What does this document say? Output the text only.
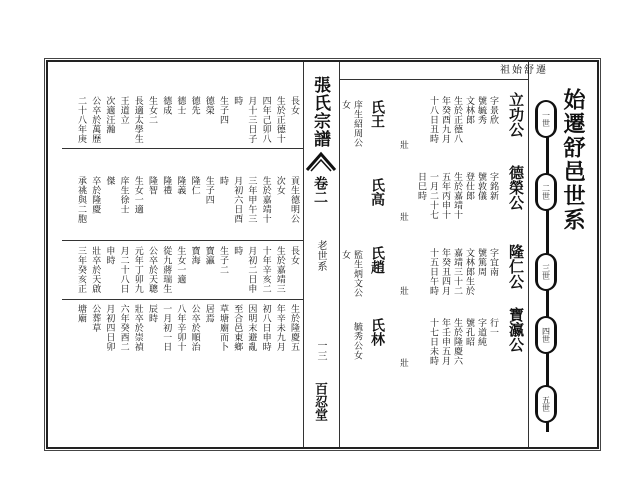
始遷舒邑世系
一世
二世
三世
四世
五世
祖始舒遷
立功公
德榮公
隆仁公
寶瀛公
字景欣
號毓秀
文林郎
生於正德八
年癸酉九月
十八日丑時
字銘新
號敦儀
登仕郎
生於嘉靖十
五年丙申十
一月二十七
日巳時
字宜南
號篤周
文林郎生於
嘉靖三十二
年癸丑四月
十五日午時
行一
字道純
號孔昭
生於隆慶六
年壬申五月
十七日未時
氏王
庠生紹周公
女
壯
氏高
壯
氏趙
監生炳文公
女
壯
氏林
毓秀公女
壯
張氏宗譜
卷二
老世系
一三
百忍堂
長女
生於正德十
四年己卯八
月十三日子
時
生子四
德榮
德先
德士
德成
生女二
長適太學生
王道立
次適汪瀚
公卒於萬歷
二十八年庚
貢生德明公
次女
生於嘉靖十
三年甲午三
月初六日酉
時
生子四
隆仁
隆義
隆禮
隆智
生女一適
庠生徐士
傑
卒於隆慶
承祧與二胞
長女
生於嘉靖三
十年辛亥二
月初二日申
時
生子二
寶瀛
寶海
生女一適
從九蔣瑞生
公卒於天聰
元年丁卯九
月二十八日
申時
壯卒於天啟
三年癸亥正
生於隆慶五
年辛未九月
初八日申時
因明末避亂
至合邑東鄉
草塘廟而卜
居焉
公卒於順治
八年辛卯十
一月初一日
辰時
壯卒於崇禎
六年癸酉二
月初四日卯
公葬草
塘廟
